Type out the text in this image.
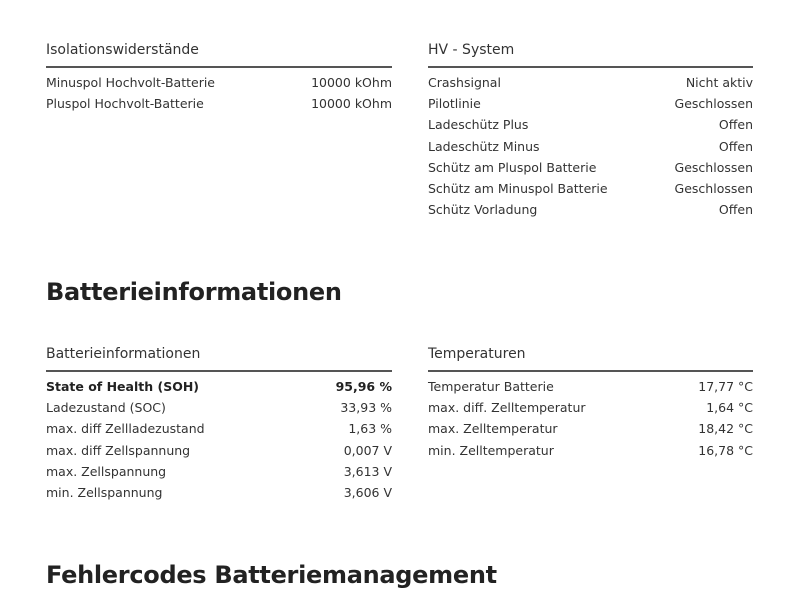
Isolationswiderstände
Minuspol Hochvolt-Batterie	10000 kOhm
Pluspol Hochvolt-Batterie	10000 kOhm
HV - System
Crashsignal	Nicht aktiv
Pilotlinie	Geschlossen
Ladeschütz Plus	Offen
Ladeschütz Minus	Offen
Schütz am Pluspol Batterie	Geschlossen
Schütz am Minuspol Batterie	Geschlossen
Schütz Vorladung	Offen
Batterieinformationen
Batterieinformationen
State of Health (SOH)	95,96 %
Ladezustand (SOC)	33,93 %
max. diff Zellladezustand	1,63 %
max. diff Zellspannung	0,007 V
max. Zellspannung	3,613 V
min. Zellspannung	3,606 V
Temperaturen
Temperatur Batterie	17,77 °C
max. diff. Zelltemperatur	1,64 °C
max. Zelltemperatur	18,42 °C
min. Zelltemperatur	16,78 °C
Fehlercodes Batteriemanagement
